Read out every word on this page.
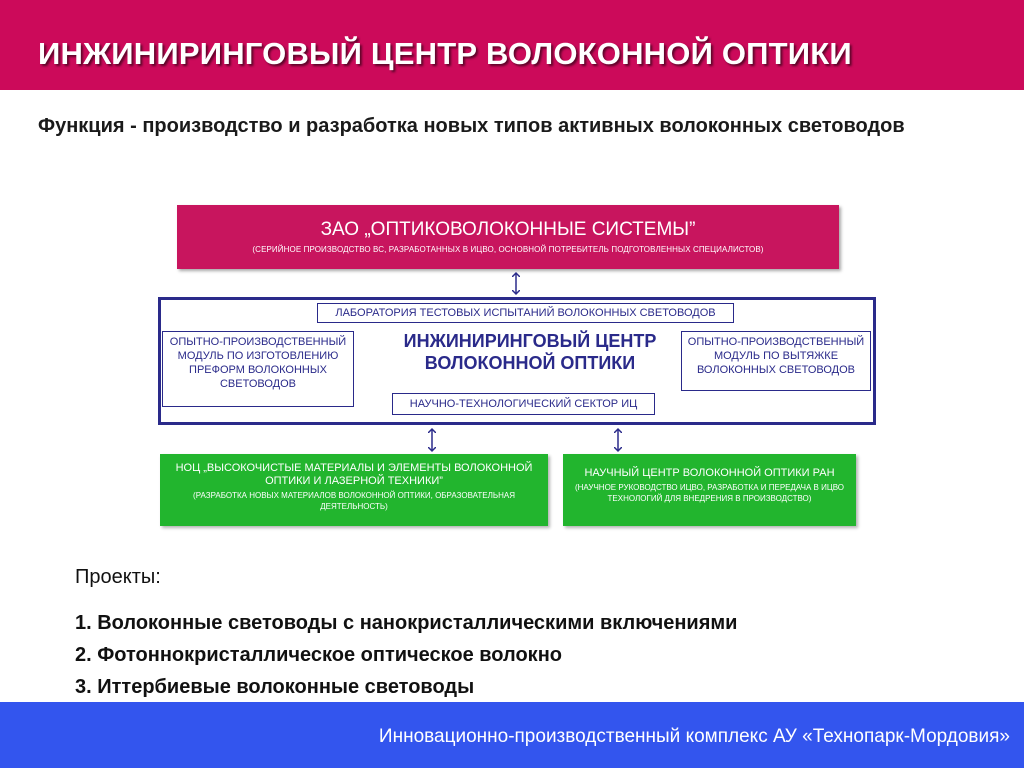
ИНЖИНИРИНГОВЫЙ ЦЕНТР ВОЛОКОННОЙ ОПТИКИ
Функция - производство и разработка новых типов активных волоконных световодов
ЗАО „ОПТИКОВОЛОКОННЫЕ СИСТЕМЫ”
(СЕРИЙНОЕ ПРОИЗВОДСТВО ВС, РАЗРАБОТАННЫХ В ИЦВО, ОСНОВНОЙ ПОТРЕБИТЕЛЬ ПОДГОТОВЛЕННЫХ СПЕЦИАЛИСТОВ)
ЛАБОРАТОРИЯ ТЕСТОВЫХ ИСПЫТАНИЙ ВОЛОКОННЫХ СВЕТОВОДОВ
ОПЫТНО-ПРОИЗВОДСТВЕННЫЙ МОДУЛЬ ПО ИЗГОТОВЛЕНИЮ ПРЕФОРМ ВОЛОКОННЫХ СВЕТОВОДОВ
ИНЖИНИРИНГОВЫЙ ЦЕНТР ВОЛОКОННОЙ ОПТИКИ
ОПЫТНО-ПРОИЗВОДСТВЕННЫЙ МОДУЛЬ ПО ВЫТЯЖКЕ ВОЛОКОННЫХ СВЕТОВОДОВ
НАУЧНО-ТЕХНОЛОГИЧЕСКИЙ СЕКТОР ИЦ
НОЦ „ВЫСОКОЧИСТЫЕ МАТЕРИАЛЫ И ЭЛЕМЕНТЫ ВОЛОКОННОЙ ОПТИКИ И ЛАЗЕРНОЙ ТЕХНИКИ”
(РАЗРАБОТКА НОВЫХ МАТЕРИАЛОВ ВОЛОКОННОЙ ОПТИКИ, ОБРАЗОВАТЕЛЬНАЯ ДЕЯТЕЛЬНОСТЬ)
НАУЧНЫЙ ЦЕНТР ВОЛОКОННОЙ ОПТИКИ РАН
(НАУЧНОЕ РУКОВОДСТВО ИЦВО, РАЗРАБОТКА И ПЕРЕДАЧА В ИЦВО ТЕХНОЛОГИЙ ДЛЯ ВНЕДРЕНИЯ В ПРОИЗВОДСТВО)
Проекты:
1. Волоконные световоды с нанокристаллическими включениями
2. Фотоннокристаллическое оптическое волокно
3. Иттербиевые волоконные световоды
Инновационно-производственный комплекс АУ «Технопарк-Мордовия»
